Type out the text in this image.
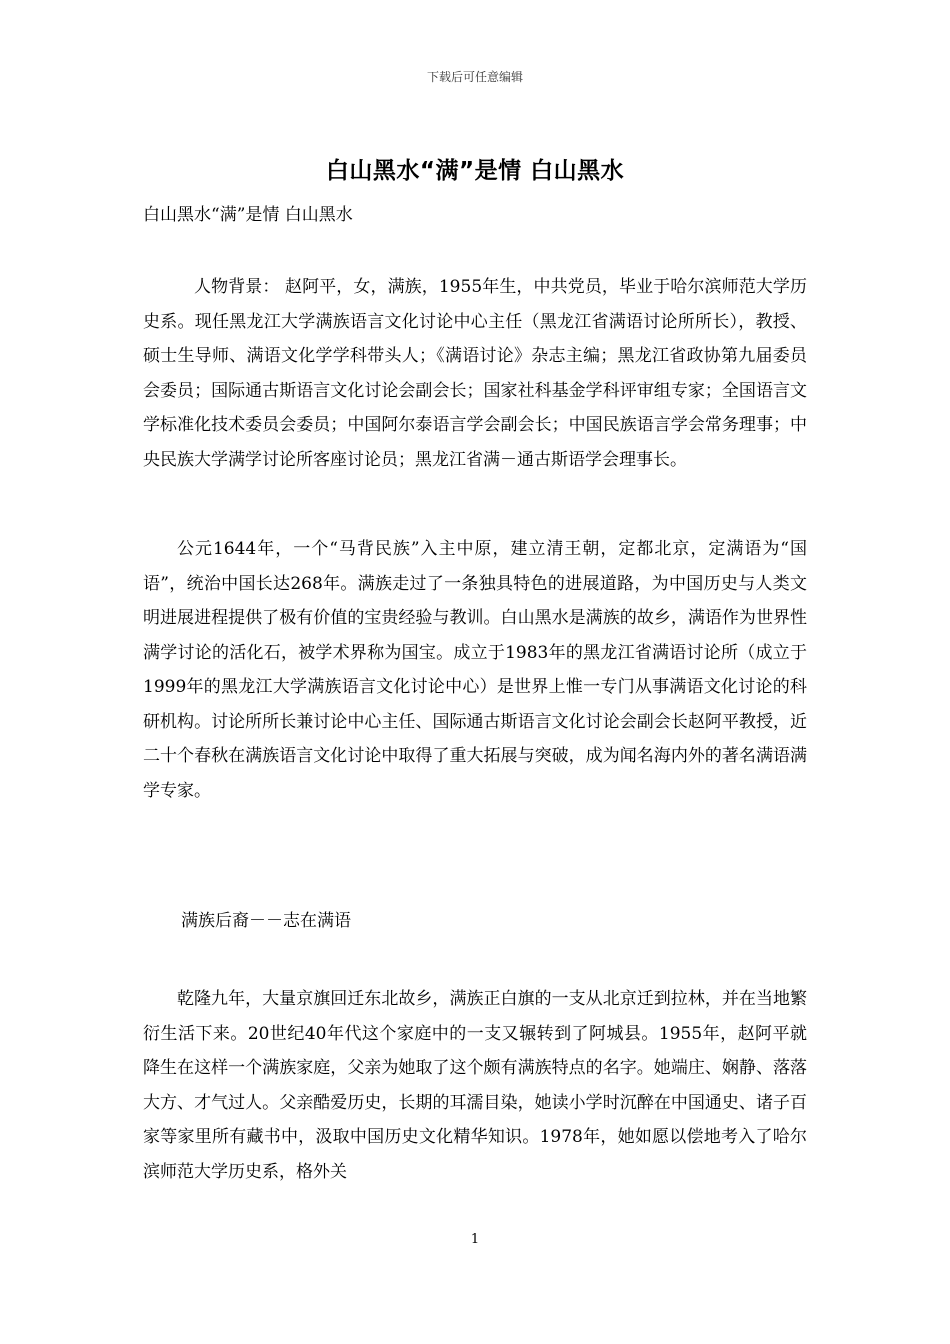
下载后可任意编辑
白山黑水“满”是情 白山黑水
白山黑水“满”是情 白山黑水

人物背景： 赵阿平，女，满族，1955年生，中共党员，毕业于哈尔滨师范大学历史系。现任黑龙江大学满族语言文化讨论中心主任（黑龙江省满语讨论所所长），教授、硕士生导师、满语文化学学科带头人；《满语讨论》杂志主编；黑龙江省政协第九届委员会委员；国际通古斯语言文化讨论会副会长；国家社科基金学科评审组专家；全国语言文学标准化技术委员会委员；中国阿尔泰语言学会副会长；中国民族语言学会常务理事；中央民族大学满学讨论所客座讨论员；黑龙江省满－通古斯语学会理事长。

公元1644年，一个“马背民族”入主中原，建立清王朝，定都北京，定满语为“国语”，统治中国长达268年。满族走过了一条独具特色的进展道路，为中国历史与人类文明进展进程提供了极有价值的宝贵经验与教训。白山黑水是满族的故乡，满语作为世界性满学讨论的活化石，被学术界称为国宝。成立于1983年的黑龙江省满语讨论所（成立于1999年的黑龙江大学满族语言文化讨论中心）是世界上惟一专门从事满语文化讨论的科研机构。讨论所所长兼讨论中心主任、国际通古斯语言文化讨论会副会长赵阿平教授，近二十个春秋在满族语言文化讨论中取得了重大拓展与突破，成为闻名海内外的著名满语满学专家。

满族后裔－－志在满语

乾隆九年，大量京旗回迁东北故乡，满族正白旗的一支从北京迁到拉林，并在当地繁衍生活下来。20世纪40年代这个家庭中的一支又辗转到了阿城县。1955年，赵阿平就降生在这样一个满族家庭，父亲为她取了这个颇有满族特点的名字。她端庄、娴静、落落大方、才气过人。父亲酷爱历史，长期的耳濡目染，她读小学时沉醉在中国通史、诸子百家等家里所有藏书中，汲取中国历史文化精华知识。1978年，她如愿以偿地考入了哈尔滨师范大学历史系，格外关

1
